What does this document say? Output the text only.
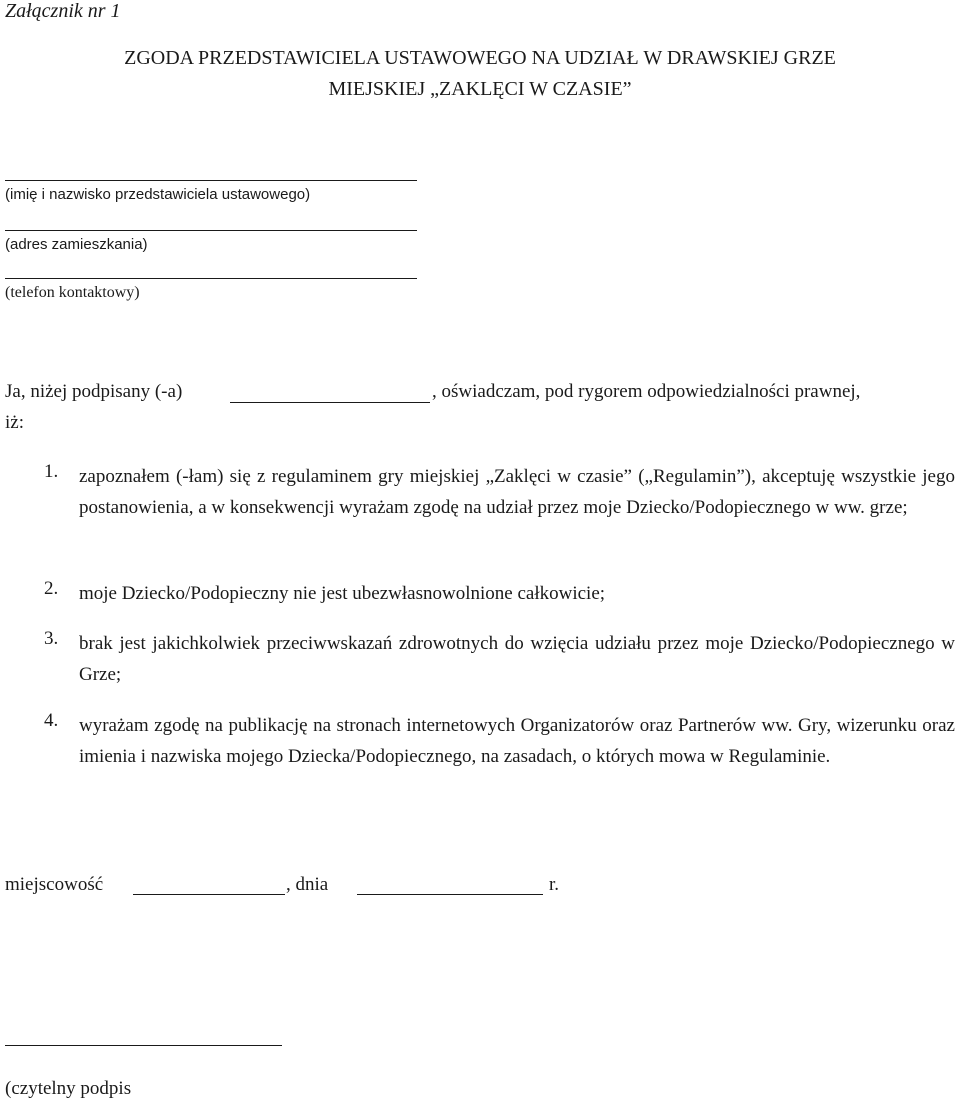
Załącznik nr 1
ZGODA PRZEDSTAWICIELA USTAWOWEGO NA UDZIAŁ W DRAWSKIEJ GRZE
MIEJSKIEJ „ZAKLĘCI W CZASIE”
(imię i nazwisko przedstawiciela ustawowego)
(adres zamieszkania)
(telefon kontaktowy)
Ja, niżej podpisany (-a)	, oświadczam, pod rygorem odpowiedzialności prawnej,
iż:
1. zapoznałem (-łam) się z regulaminem gry miejskiej „Zaklęci w czasie” („Regulamin”), akceptuję wszystkie jego postanowienia, a w konsekwencji wyrażam zgodę na udział przez moje Dziecko/Podopiecznego w ww. grze;
2. moje Dziecko/Podopieczny nie jest ubezwłasnowolnione całkowicie;
3. brak jest jakichkolwiek przeciwwskazań zdrowotnych do wzięcia udziału przez moje Dziecko/Podopiecznego w Grze;
4. wyrażam zgodę na publikację na stronach internetowych Organizatorów oraz Partnerów ww. Gry, wizerunku oraz imienia i nazwiska mojego Dziecka/Podopiecznego, na zasadach, o których mowa w Regulaminie.
miejscowość	, dnia	r.
(czytelny podpis
